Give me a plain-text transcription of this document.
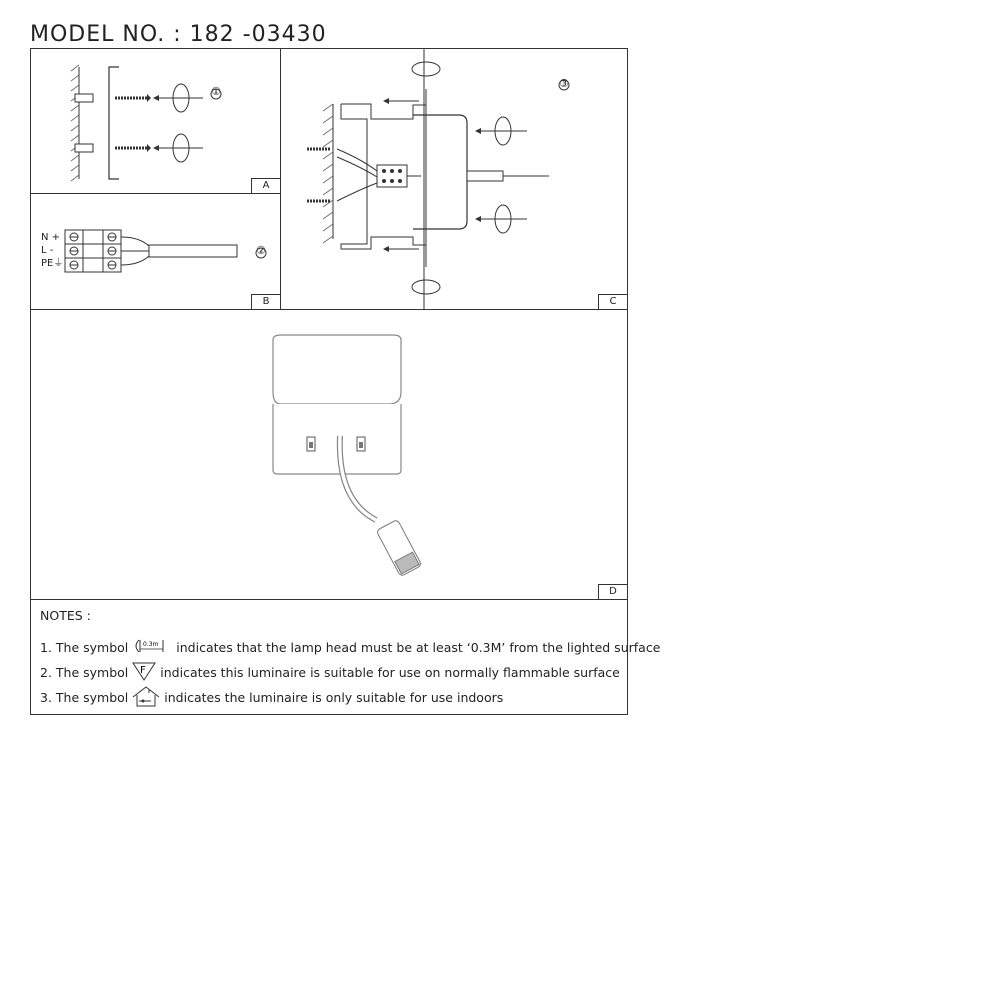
MODEL NO. : 182 -03430
①
A
N +
L -
PE⏚
②
B
③
C
D
NOTES :
1. The symbol	0.3m indicates that the lamp head must be at least ‘0.3M’ from the lighted surface
2. The symbol F indicates this luminaire is suitable for use on normally flammable surface
3. The symbol	indicates the luminaire is only suitable for use indoors
